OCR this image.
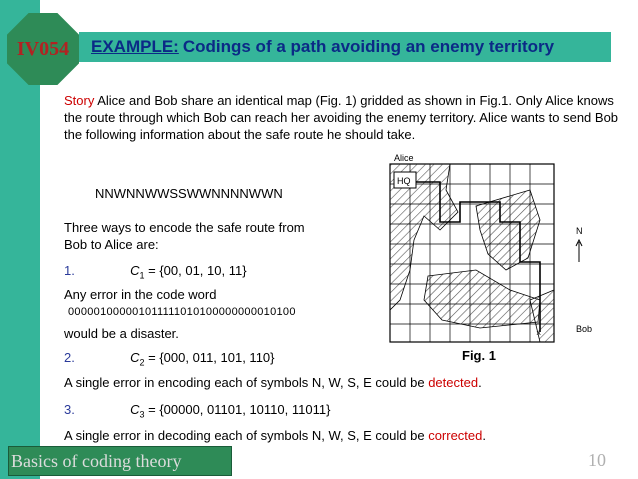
IV054	EXAMPLE: Codings of a path avoiding an enemy territory
Story Alice and Bob share an identical map (Fig. 1) gridded as shown in Fig.1. Only Alice knows the route through which Bob can reach her avoiding the enemy territory. Alice wants to send Bob the following information about the safe route he should take.
NNWNNWWSSWWNNNNWWN
Three ways to encode the safe route from
Bob to Alice are:
1.	$C_1 = \{00$, 01, 10, 11}
Any error in the code word
000001000001011111010100000000010100
would be a disaster.
2.	$C_2 = \{000$, 011, 101, 110}
A single error in encoding each of symbols N, W, S, E could be detected.
3.	$C_3 = \{00000$, 01101, 10110, 11011}
A single error in decoding each of symbols N, W, S, E could be corrected.
Alice
HQ
×	Bob
N
Fig. 1
Basics of coding theory	10
